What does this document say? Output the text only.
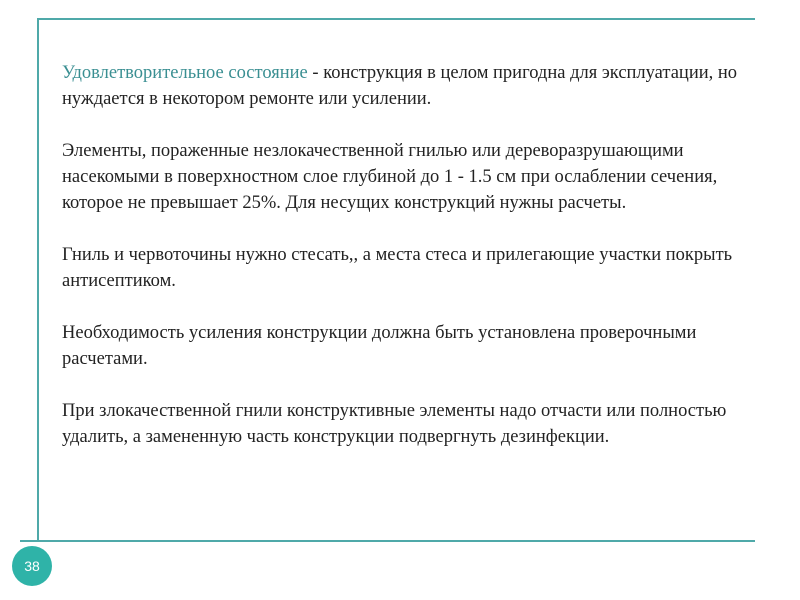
Удовлетворительное состояние - конструкция в целом пригодна для эксплуатации, но нуждается в некотором ремонте или усилении.

Элементы, пораженные незлокачественной гнилью или дереворазрушающими насекомыми в поверхностном слое глубиной до 1 - 1.5 см при ослаблении сечения, которое не превышает 25%. Для несущих конструкций нужны расчеты.

Гниль и червоточины нужно стесать,, а места стеса и прилегающие участки покрыть антисептиком.

Необходимость усиления конструкции должна быть установлена проверочными расчетами.

При злокачественной гнили конструктивные элементы надо отчасти или полностью удалить, а замененную часть конструкции подвергнуть дезинфекции.

38
